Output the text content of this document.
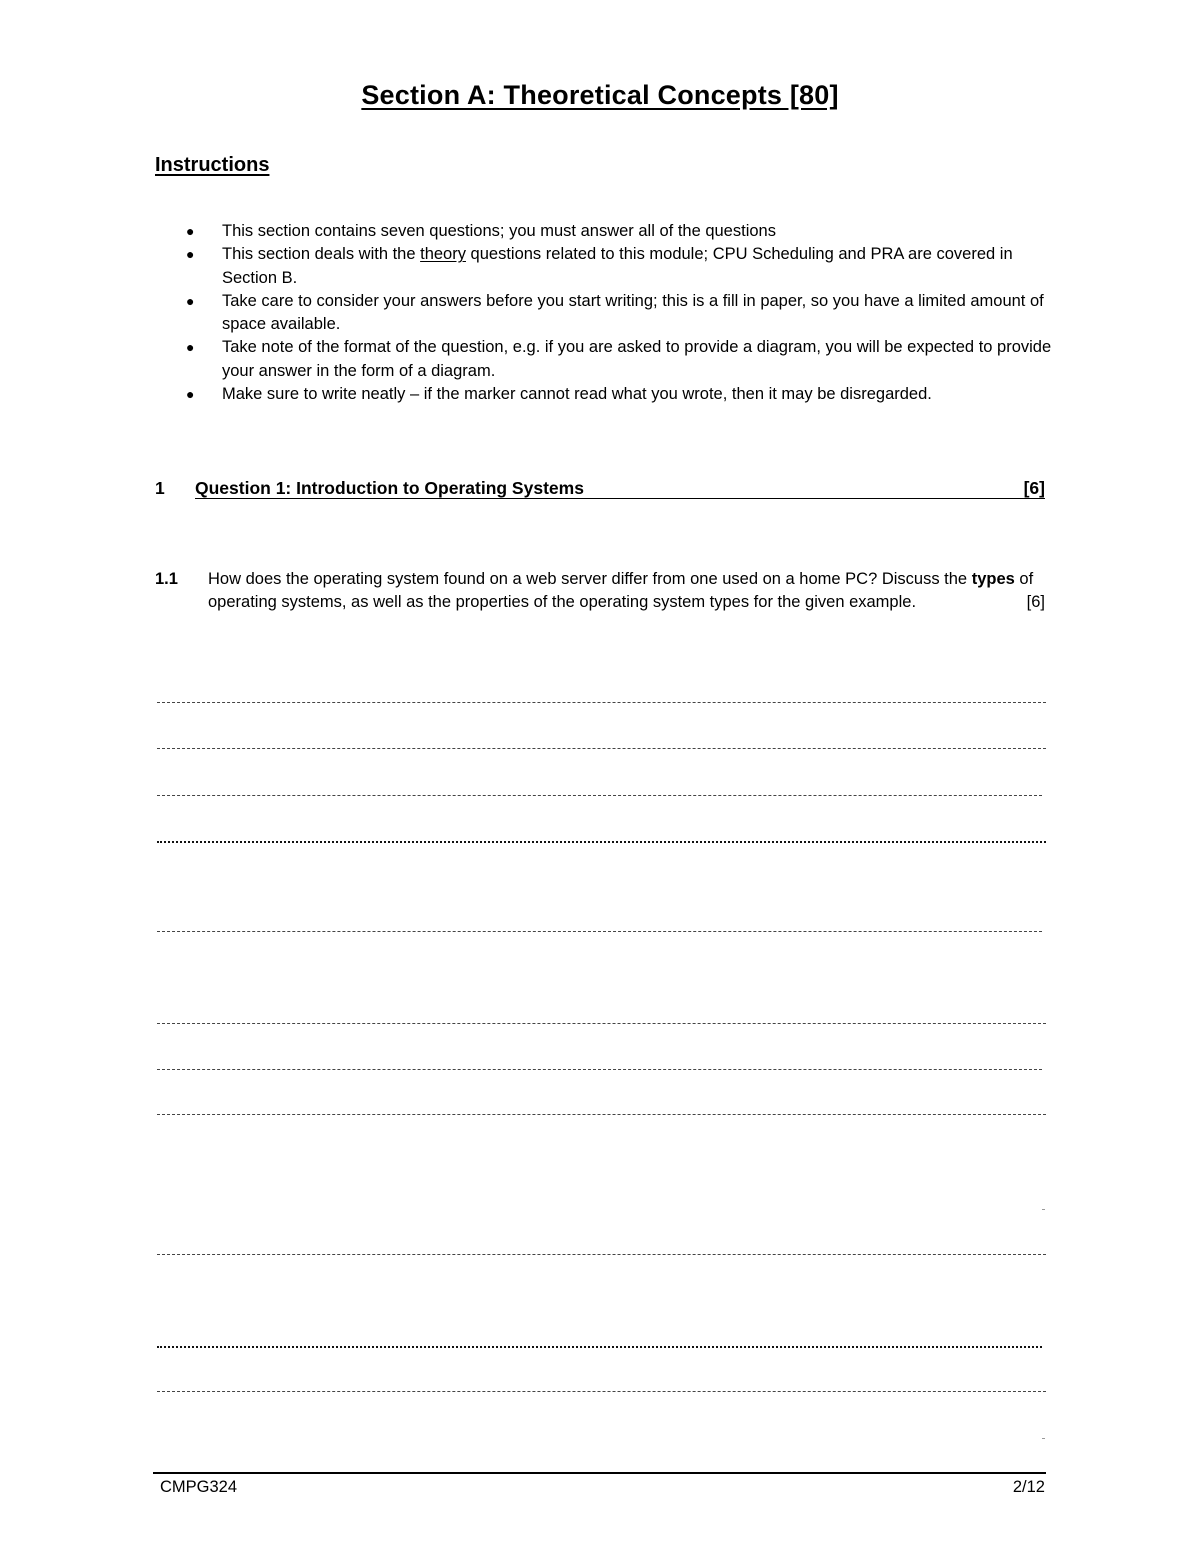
Section A: Theoretical Concepts [80]
Instructions
● This section contains seven questions; you must answer all of the questions
● This section deals with the theory questions related to this module; CPU Scheduling and PRA are covered in Section B.
● Take care to consider your answers before you start writing; this is a fill in paper, so you have a limited amount of space available.
● Take note of the format of the question, e.g. if you are asked to provide a diagram, you will be expected to provide your answer in the form of a diagram.
● Make sure to write neatly – if the marker cannot read what you wrote, then it may be disregarded.
1 Question 1: Introduction to Operating Systems	[6]
1.1 How does the operating system found on a web server differ from one used on a home PC? Discuss the types of operating systems, as well as the properties of the operating system types for the given example.	[6]
CMPG324	2/12
